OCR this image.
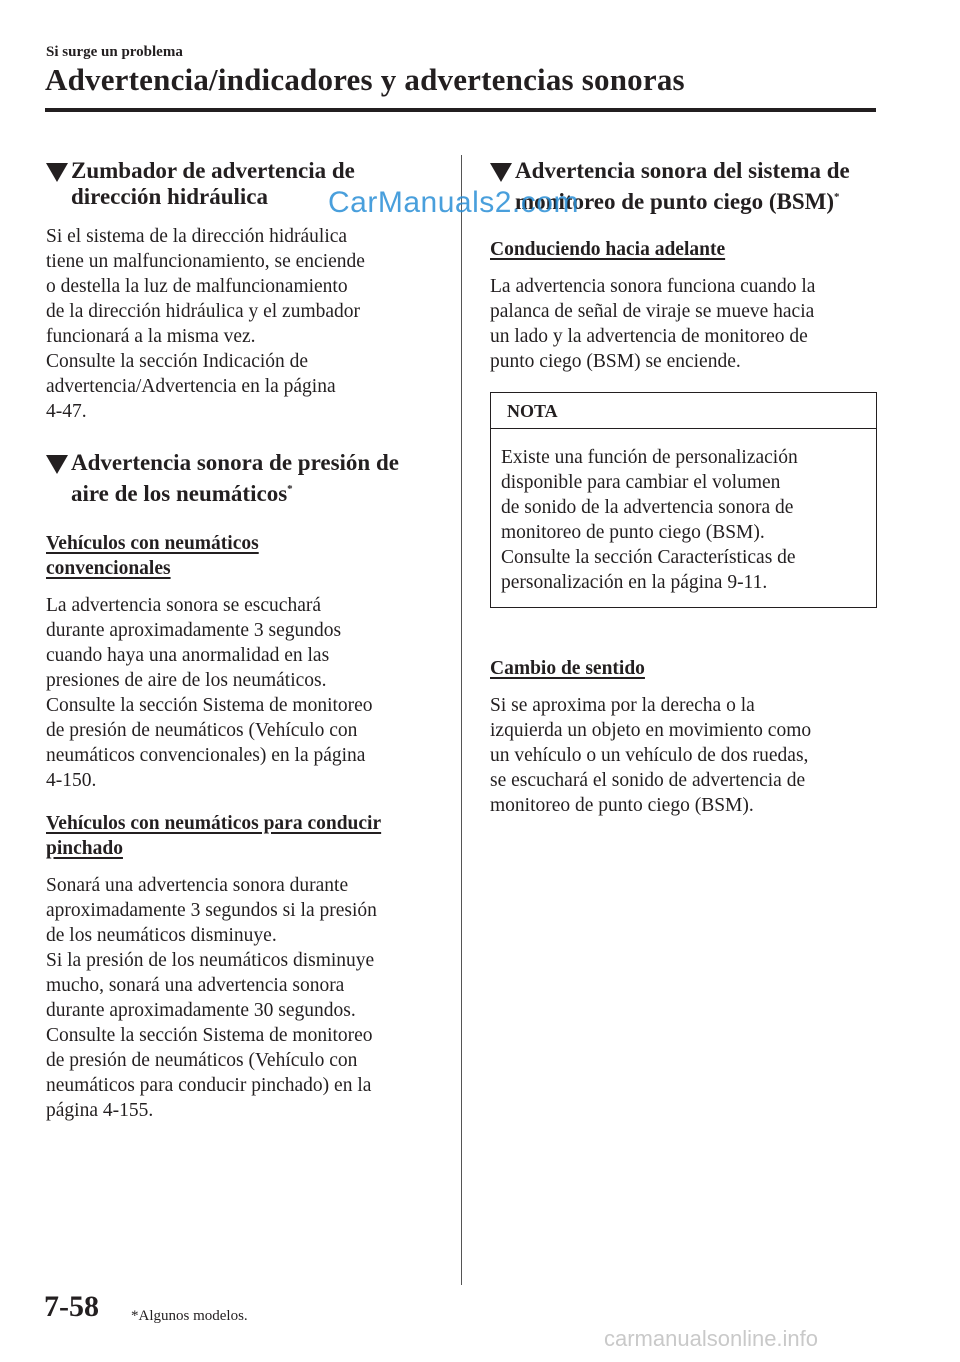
Si surge un problema
Advertencia/indicadores y advertencias sonoras
Zumbador de advertencia de
dirección hidráulica
Si el sistema de la dirección hidráulica
tiene un malfuncionamiento, se enciende
o destella la luz de malfuncionamiento
de la dirección hidráulica y el zumbador
funcionará a la misma vez.
Consulte la sección Indicación de
advertencia/Advertencia en la página
4-47.
Advertencia sonora de presión de
aire de los neumáticos*
Vehículos con neumáticos
convencionales
La advertencia sonora se escuchará
durante aproximadamente 3 segundos
cuando haya una anormalidad en las
presiones de aire de los neumáticos.
Consulte la sección Sistema de monitoreo
de presión de neumáticos (Vehículo con
neumáticos convencionales) en la página
4-150.
Vehículos con neumáticos para conducir
pinchado
Sonará una advertencia sonora durante
aproximadamente 3 segundos si la presión
de los neumáticos disminuye.
Si la presión de los neumáticos disminuye
mucho, sonará una advertencia sonora
durante aproximadamente 30 segundos.
Consulte la sección Sistema de monitoreo
de presión de neumáticos (Vehículo con
neumáticos para conducir pinchado) en la
página 4-155.
Advertencia sonora del sistema de
monitoreo de punto ciego (BSM)*
Conduciendo hacia adelante
La advertencia sonora funciona cuando la
palanca de señal de viraje se mueve hacia
un lado y la advertencia de monitoreo de
punto ciego (BSM) se enciende.
NOTA
Existe una función de personalización
disponible para cambiar el volumen
de sonido de la advertencia sonora de
monitoreo de punto ciego (BSM).
Consulte la sección Características de
personalización en la página 9-11.
Cambio de sentido
Si se aproxima por la derecha o la
izquierda un objeto en movimiento como
un vehículo o un vehículo de dos ruedas,
se escuchará el sonido de advertencia de
monitoreo de punto ciego (BSM).
CarManuals2.com
carmanualsonline.info
7-58 *Algunos modelos.
